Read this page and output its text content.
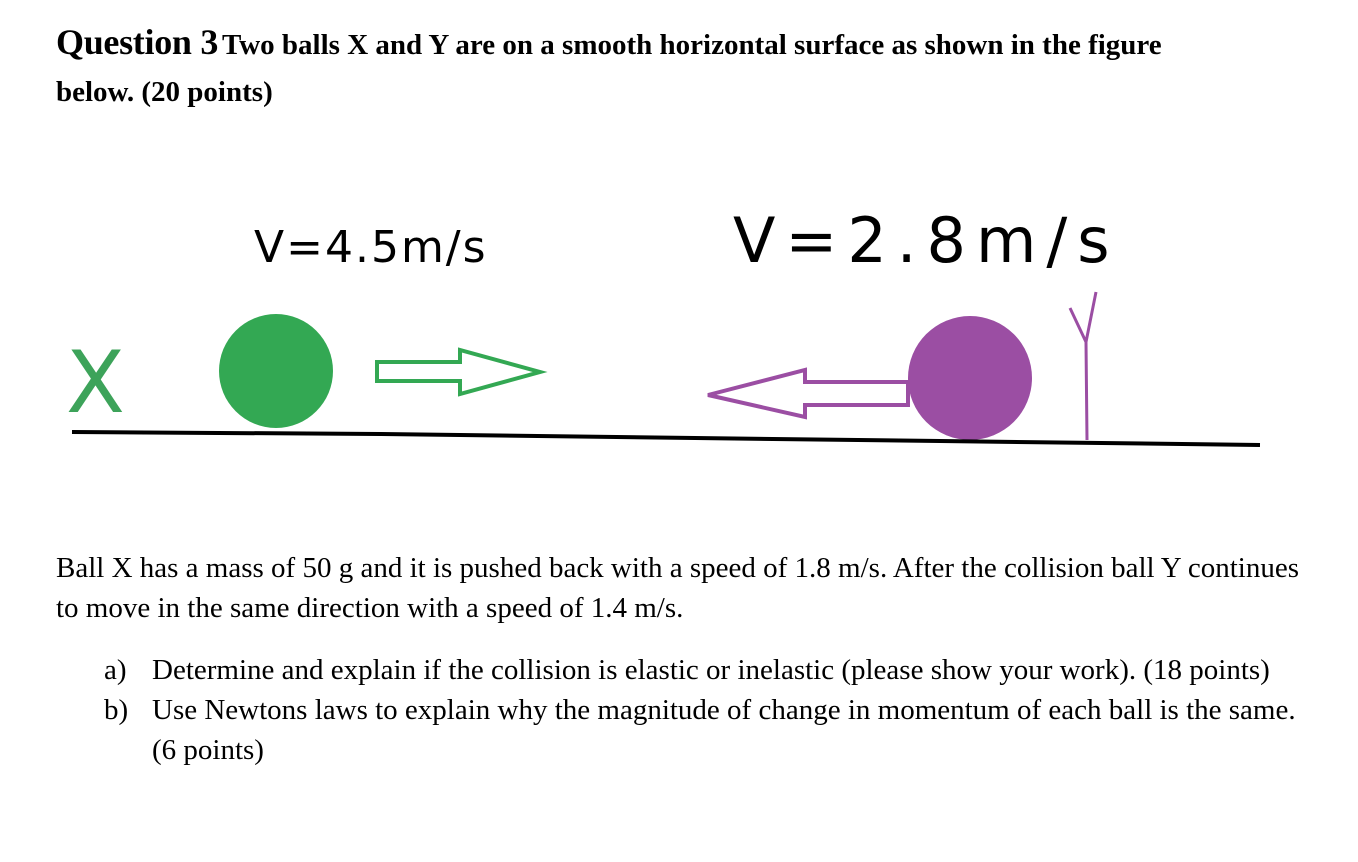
Question 3 Two balls X and Y are on a smooth horizontal surface as shown in the figure
below. (20 points)
V=4.5m/s	V=2.8m/s
X
Y
Ball X has a mass of 50 g and it is pushed back with a speed of 1.8 m/s. After the collision ball Y continues to move in the same direction with a speed of 1.4 m/s.
a) Determine and explain if the collision is elastic or inelastic (please show your work). (18 points)
b) Use Newtons laws to explain why the magnitude of change in momentum of each ball is the same. (6 points)
